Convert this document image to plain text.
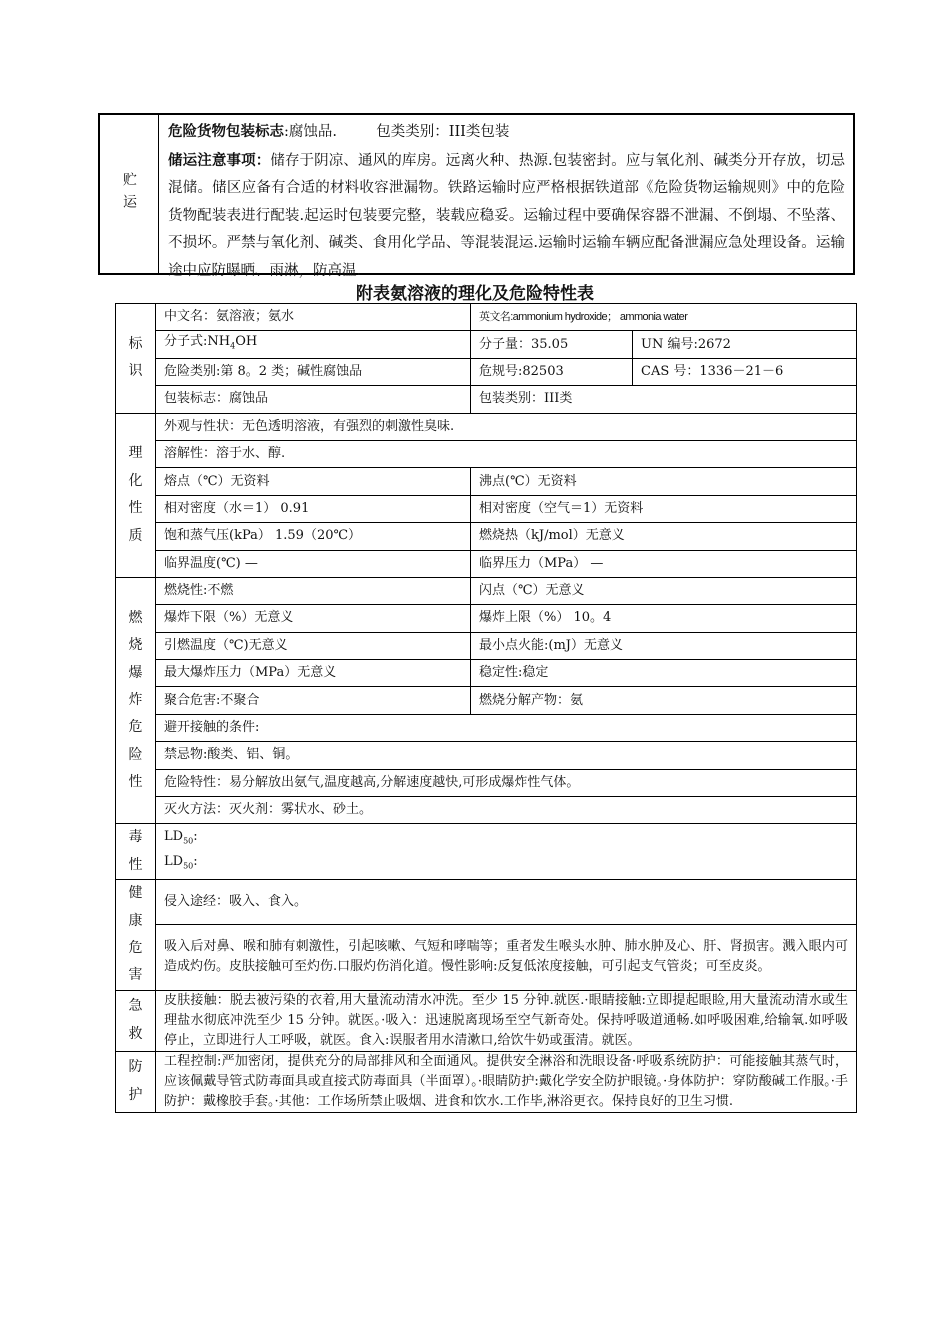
贮运
危险货物包装标志:腐蚀品.	包类类别：III类包装
储运注意事项：储存于阴凉、通风的库房。远离火种、热源.包装密封。应与氧化剂、碱类分开存放，切忌混储。储区应备有合适的材料收容泄漏物。铁路运输时应严格根据铁道部《危险货物运输规则》中的危险货物配装表进行配装.起运时包装要完整，装载应稳妥。运输过程中要确保容器不泄漏、不倒塌、不坠落、不损坏。严禁与氧化剂、碱类、食用化学品、等混装混运.运输时运输车辆应配备泄漏应急处理设备。运输途中应防曝晒、雨淋，防高温.
附表氨溶液的理化及危险特性表
标识	中文名：氨溶液；氨水	英文名:ammonium hydroxide； ammonia water	
	分子式$:NH_4OH$	分子量：35.05	UN 编号:2672
	危险类别:第 8。2 类；碱性腐蚀品	危规号:82503	CAS 号：1336－21－6
	包装标志：腐蚀品	包装类别：III类	
理化性质	外观与性状：无色透明溶液，有强烈的刺激性臭味.		
	溶解性：溶于水、醇.		
	熔点（℃）无资料	沸点(℃）无资料	
	相对密度（水＝1） 0.91	相对密度（空气＝1）无资料	
	饱和蒸气压(kPa） 1.59（20℃）	燃烧热（kJ/mol）无意义	
	临界温度(℃) —	临界压力（MPa） —	
燃烧爆炸危险性	燃烧性:不燃	闪点（℃）无意义	
	爆炸下限（%）无意义	爆炸上限（%） 10。4	
	引燃温度（℃)无意义	最小点火能:(mJ）无意义	
	最大爆炸压力（MPa）无意义	稳定性:稳定	
	聚合危害:不聚合	燃烧分解产物：氨	
	避开接触的条件:		
	禁忌物:酸类、铝、铜。		
	危险特性：易分解放出氨气,温度越高,分解速度越快,可形成爆炸性气体。		
	灭火方法：灭火剂：雾状水、砂土。		
毒性	$LD_{50}$:
$LD_{50}$:		

健康危害	侵入途经：吸入、食入。		
	吸入后对鼻、喉和肺有刺激性，引起咳嗽、气短和哮喘等；重者发生喉头水肿、肺水肿及心、肝、肾损害。溅入眼内可造成灼伤。皮肤接触可至灼伤.口服灼伤消化道。慢性影响:反复低浓度接触，可引起支气管炎；可至皮炎。		
急救	皮肤接触：脱去被污染的衣着,用大量流动清水冲洗。至少 15 分钟.就医.·眼睛接触:立即提起眼睑,用大量流动清水或生理盐水彻底冲洗至少 15 分钟。就医。·吸入：迅速脱离现场至空气新奇处。保持呼吸道通畅.如呼吸困难,给输氧.如呼吸停止，立即进行人工呼吸，就医。食入:误服者用水清漱口,给饮牛奶或蛋清。就医。		
防护	工程控制:严加密闭，提供充分的局部排风和全面通风。提供安全淋浴和洗眼设备·呼吸系统防护：可能接触其蒸气时，应该佩戴导管式防毒面具或直接式防毒面具（半面罩）。·眼睛防护:戴化学安全防护眼镜。·身体防护：穿防酸碱工作服。·手防护：戴橡胶手套。·其他：工作场所禁止吸烟、进食和饮水.工作毕,淋浴更衣。保持良好的卫生习惯.		
